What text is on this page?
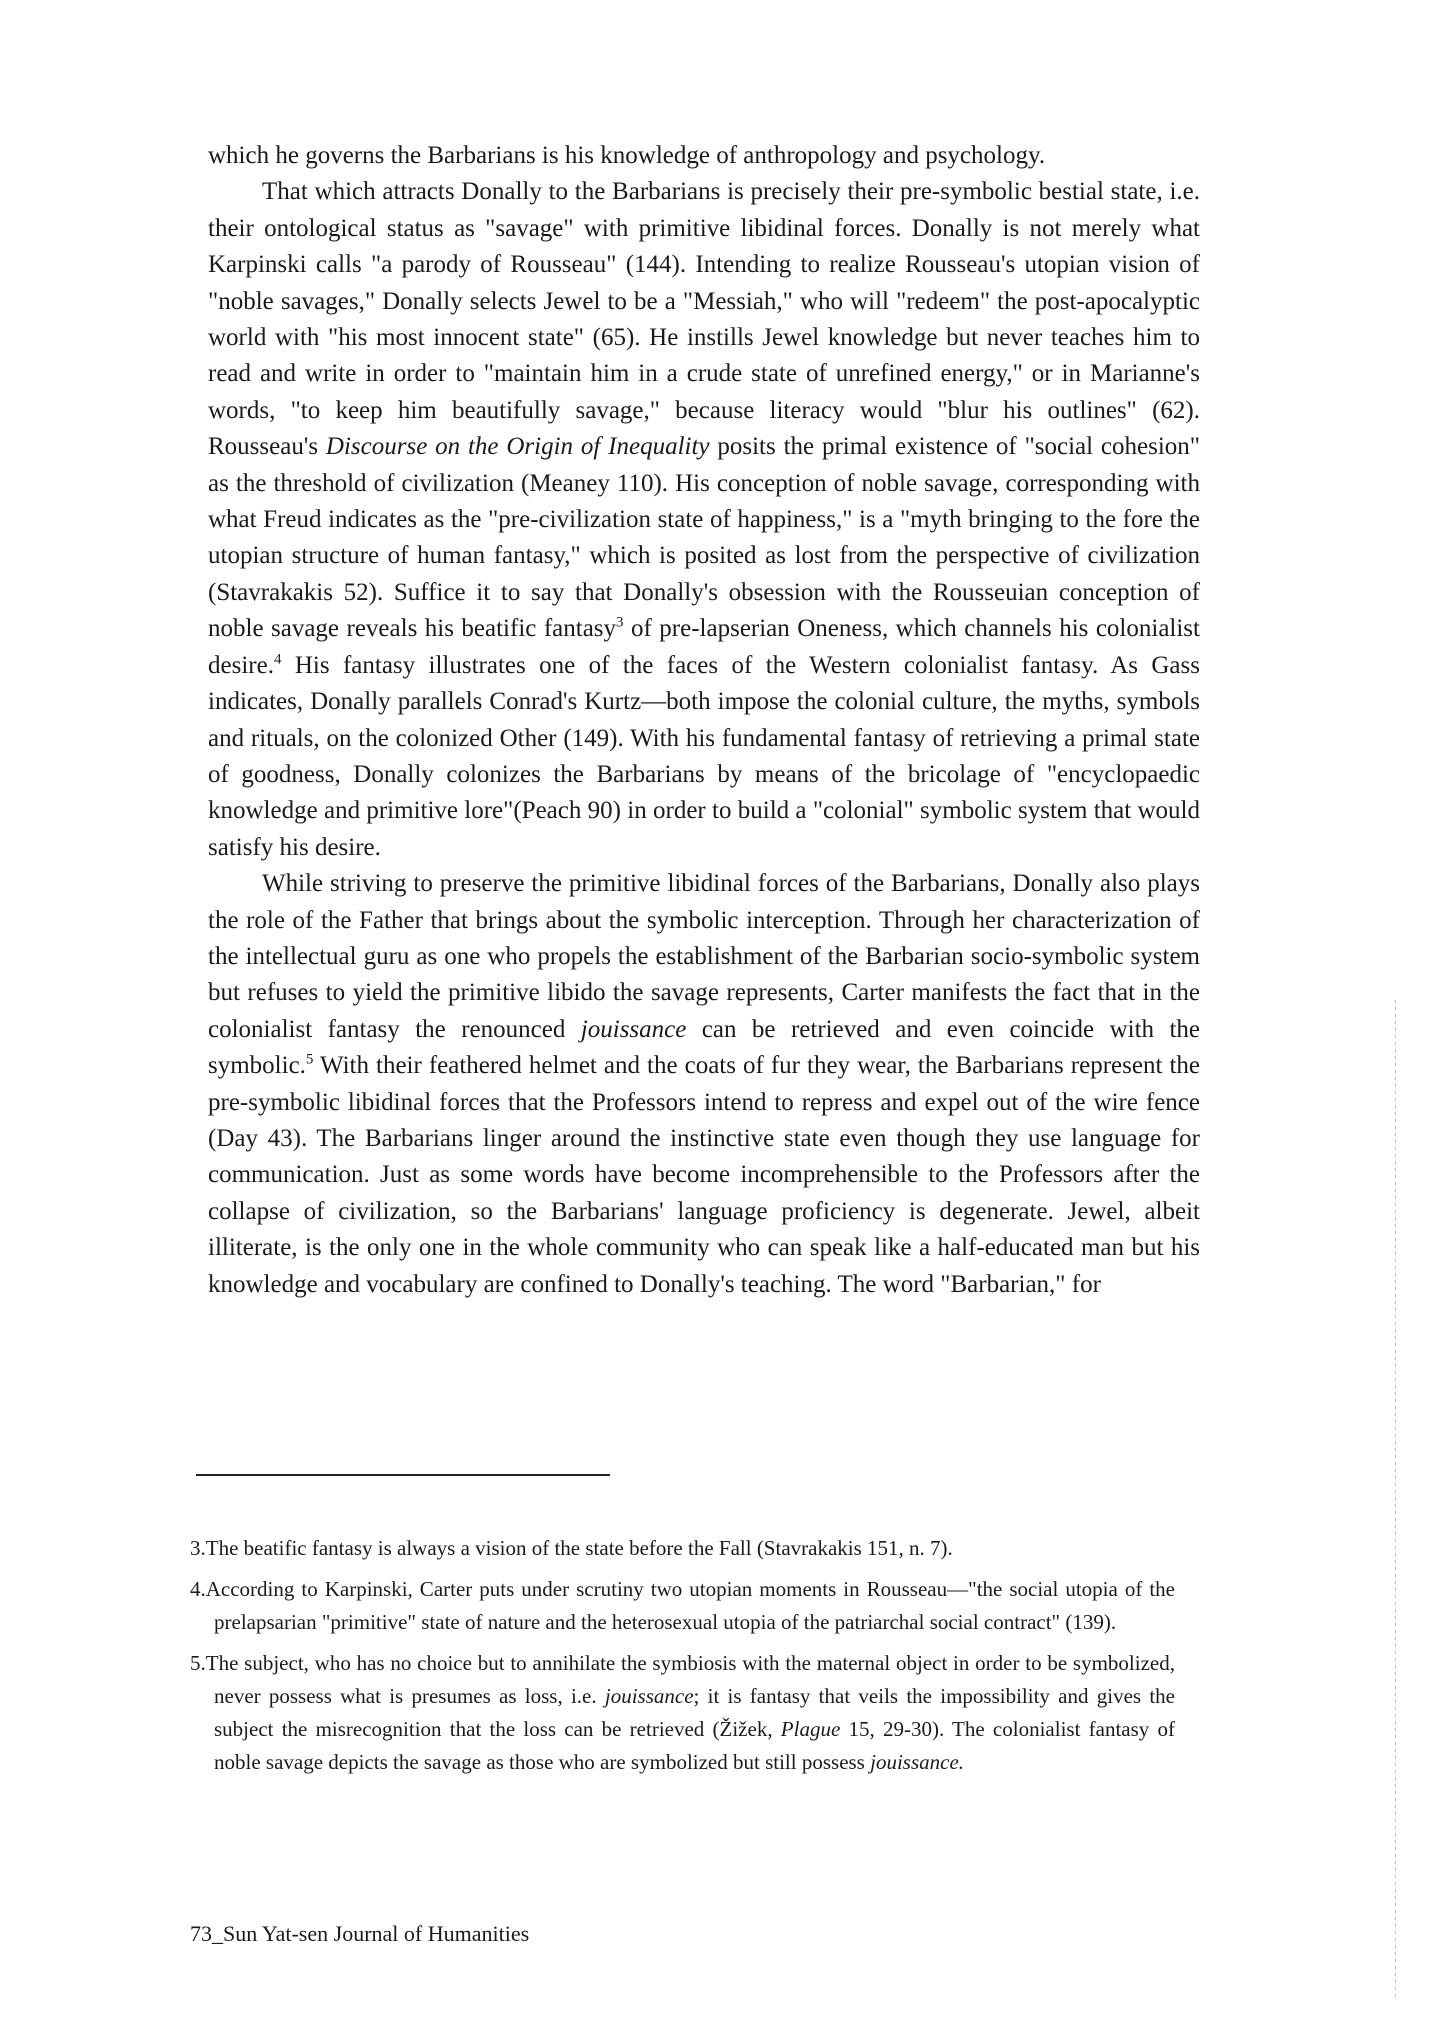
which he governs the Barbarians is his knowledge of anthropology and psychology.

That which attracts Donally to the Barbarians is precisely their pre-symbolic bestial state, i.e. their ontological status as "savage" with primitive libidinal forces. Donally is not merely what Karpinski calls "a parody of Rousseau" (144). Intending to realize Rousseau's utopian vision of "noble savages," Donally selects Jewel to be a "Messiah," who will "redeem" the post-apocalyptic world with "his most innocent state" (65). He instills Jewel knowledge but never teaches him to read and write in order to "maintain him in a crude state of unrefined energy," or in Marianne's words, "to keep him beautifully savage," because literacy would "blur his outlines" (62). Rousseau's Discourse on the Origin of Inequality posits the primal existence of "social cohesion" as the threshold of civilization (Meaney 110). His conception of noble savage, corresponding with what Freud indicates as the "pre-civilization state of happiness," is a "myth bringing to the fore the utopian structure of human fantasy," which is posited as lost from the perspective of civilization (Stavrakakis 52). Suffice it to say that Donally's obsession with the Rousseuian conception of noble savage reveals his beatific fantasy$^3$ of pre-lapserian Oneness, which channels his colonialist desire.$^4$ His fantasy illustrates one of the faces of the Western colonialist fantasy. As Gass indicates, Donally parallels Conrad's Kurtz—both impose the colonial culture, the myths, symbols and rituals, on the colonized Other (149). With his fundamental fantasy of retrieving a primal state of goodness, Donally colonizes the Barbarians by means of the bricolage of "encyclopaedic knowledge and primitive lore"(Peach 90) in order to build a "colonial" symbolic system that would satisfy his desire.

While striving to preserve the primitive libidinal forces of the Barbarians, Donally also plays the role of the Father that brings about the symbolic interception. Through her characterization of the intellectual guru as one who propels the establishment of the Barbarian socio-symbolic system but refuses to yield the primitive libido the savage represents, Carter manifests the fact that in the colonialist fantasy the renounced jouissance can be retrieved and even coincide with the symbolic.$^5$ With their feathered helmet and the coats of fur they wear, the Barbarians represent the pre-symbolic libidinal forces that the Professors intend to repress and expel out of the wire fence (Day 43). The Barbarians linger around the instinctive state even though they use language for communication. Just as some words have become incomprehensible to the Professors after the collapse of civilization, so the Barbarians' language proficiency is degenerate. Jewel, albeit illiterate, is the only one in the whole community who can speak like a half-educated man but his knowledge and vocabulary are confined to Donally's teaching. The word "Barbarian," for

3.The beatific fantasy is always a vision of the state before the Fall (Stavrakakis 151, n. 7).

4.According to Karpinski, Carter puts under scrutiny two utopian moments in Rousseau—"the social utopia of the prelapsarian "primitive" state of nature and the heterosexual utopia of the patriarchal social contract" (139).

5.The subject, who has no choice but to annihilate the symbiosis with the maternal object in order to be symbolized, never possess what is presumes as loss, i.e. jouissance; it is fantasy that veils the impossibility and gives the subject the misrecognition that the loss can be retrieved (Žižek, Plague 15, 29-30). The colonialist fantasy of noble savage depicts the savage as those who are symbolized but still possess jouissance.

73_Sun Yat-sen Journal of Humanities
